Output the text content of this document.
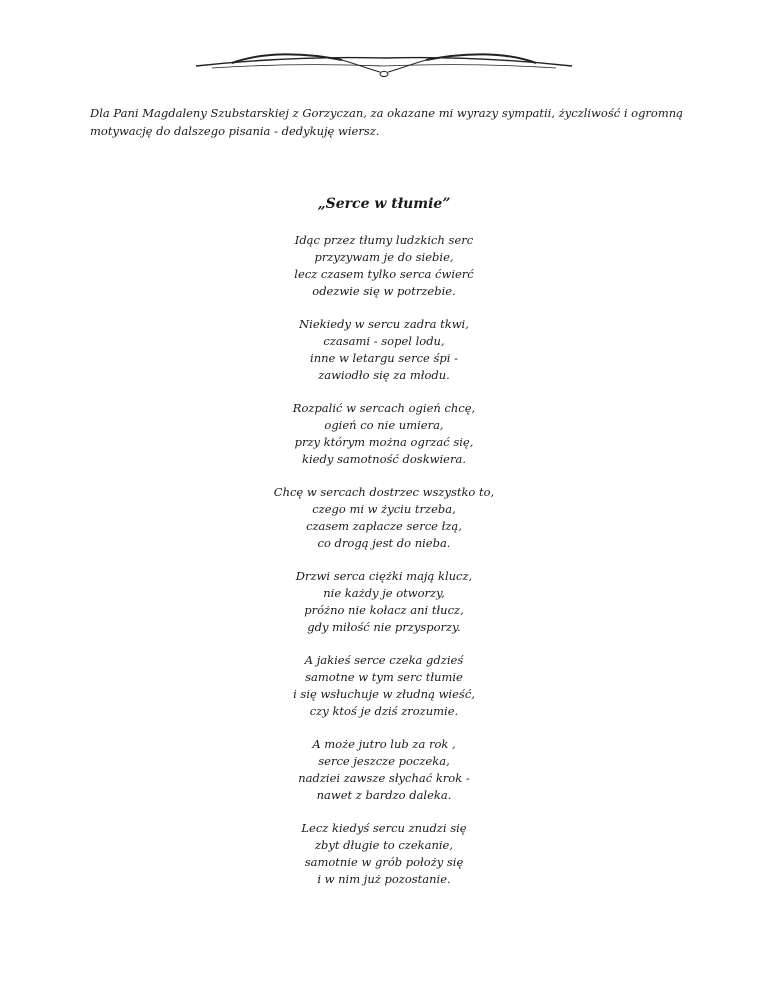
Dla Pani Magdaleny Szubstarskiej z Gorzyczan, za okazane mi wyrazy sympatii, życzliwość i ogromną
motywację do dalszego pisania - dedykuję wiersz.
„Serce w tłumie”
Idąc przez tłumy ludzkich serc
przyzywam je do siebie,
lecz czasem tylko serca ćwierć
odezwie się w potrzebie.
Niekiedy w sercu zadra tkwi,
czasami - sopel lodu,
inne w letargu serce śpi -
zawiodło się za młodu.
Rozpalić w sercach ogień chcę,
ogień co nie umiera,
przy którym można ogrzać się,
kiedy samotność doskwiera.
Chcę w sercach dostrzec wszystko to,
czego mi w życiu trzeba,
czasem zapłacze serce łzą,
co drogą jest do nieba.
Drzwi serca ciężki mają klucz,
nie każdy je otworzy,
próżno nie kołacz ani tłucz,
gdy miłość nie przysporzy.
A jakieś serce czeka gdzieś
samotne w tym serc tłumie
i się wsłuchuje w złudną wieść,
czy ktoś je dziś zrozumie.
A może jutro lub za rok ,
serce jeszcze poczeka,
nadziei zawsze słychać krok -
nawet z bardzo daleka.
Lecz kiedyś sercu znudzi się
zbyt długie to czekanie,
samotnie w grób położy się
i w nim już pozostanie.
